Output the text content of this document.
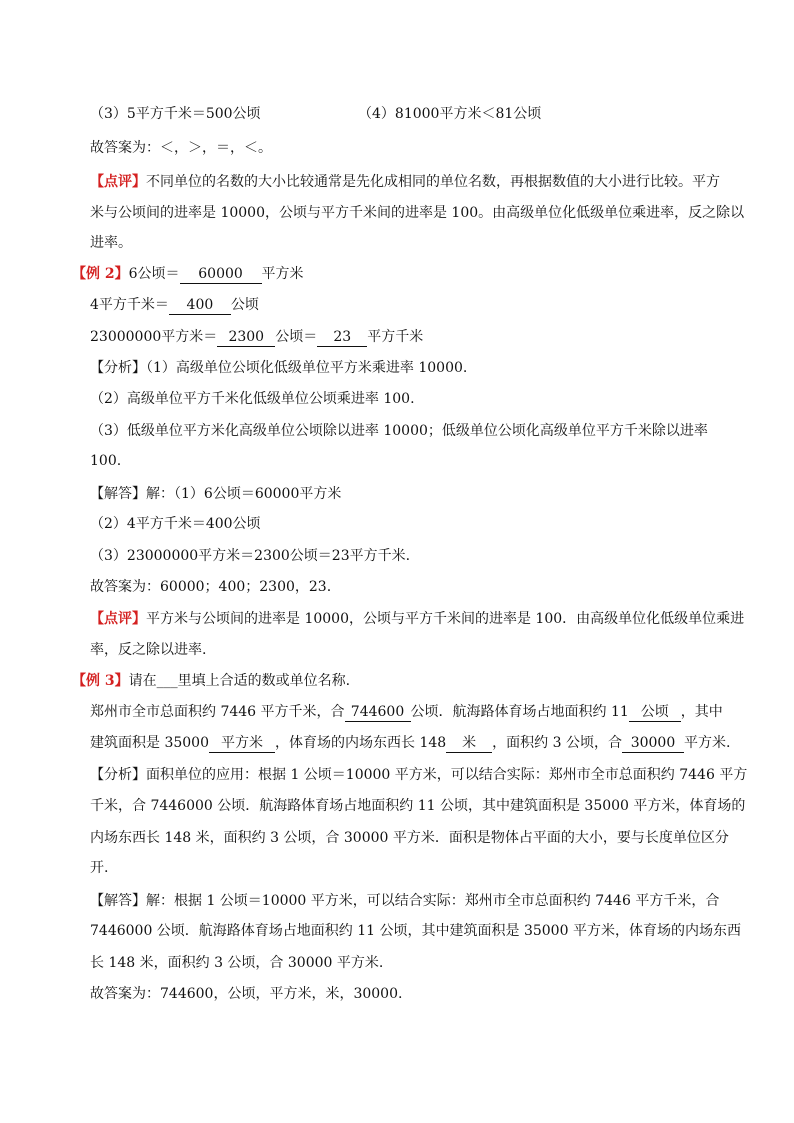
（3）5平方千米＝500公顷	（4）81000平方米＜81公顷
故答案为：＜，＞，＝，＜。
【点评】不同单位的名数的大小比较通常是先化成相同的单位名数，再根据数值的大小进行比较。平方
米与公顷间的进率是 10000，公顷与平方千米间的进率是 100。由高级单位化低级单位乘进率，反之除以
进率。
【例 2】6公顷＝ 60000 平方米
4平方千米＝ 400 公顷
23000000平方米＝ 2300 公顷＝ 23 平方千米
【分析】（1）高级单位公顷化低级单位平方米乘进率 10000.
（2）高级单位平方千米化低级单位公顷乘进率 100.
（3）低级单位平方米化高级单位公顷除以进率 10000；低级单位公顷化高级单位平方千米除以进率
100.
【解答】解：（1）6公顷＝60000平方米
（2）4平方千米＝400公顷
（3）23000000平方米＝2300公顷＝23平方千米.
故答案为：60000；400；2300，23.
【点评】平方米与公顷间的进率是 10000，公顷与平方千米间的进率是 100．由高级单位化低级单位乘进
率，反之除以进率.
【例 3】请在___里填上合适的数或单位名称.
郑州市全市总面积约 7446 平方千米，合 744600 公顷．航海路体育场占地面积约 11 公顷 ，其中
建筑面积是 35000 平方米 ，体育场的内场东西长 148 米 ，面积约 3 公顷，合 30000 平方米.
【分析】面积单位的应用：根据 1 公顷＝10000 平方米，可以结合实际：郑州市全市总面积约 7446 平方
千米，合 7446000 公顷．航海路体育场占地面积约 11 公顷，其中建筑面积是 35000 平方米，体育场的
内场东西长 148 米，面积约 3 公顷，合 30000 平方米．面积是物体占平面的大小，要与长度单位区分
开.
【解答】解：根据 1 公顷＝10000 平方米，可以结合实际：郑州市全市总面积约 7446 平方千米，合
7446000 公顷．航海路体育场占地面积约 11 公顷，其中建筑面积是 35000 平方米，体育场的内场东西
长 148 米，面积约 3 公顷，合 30000 平方米.
故答案为：744600，公顷，平方米，米，30000.
